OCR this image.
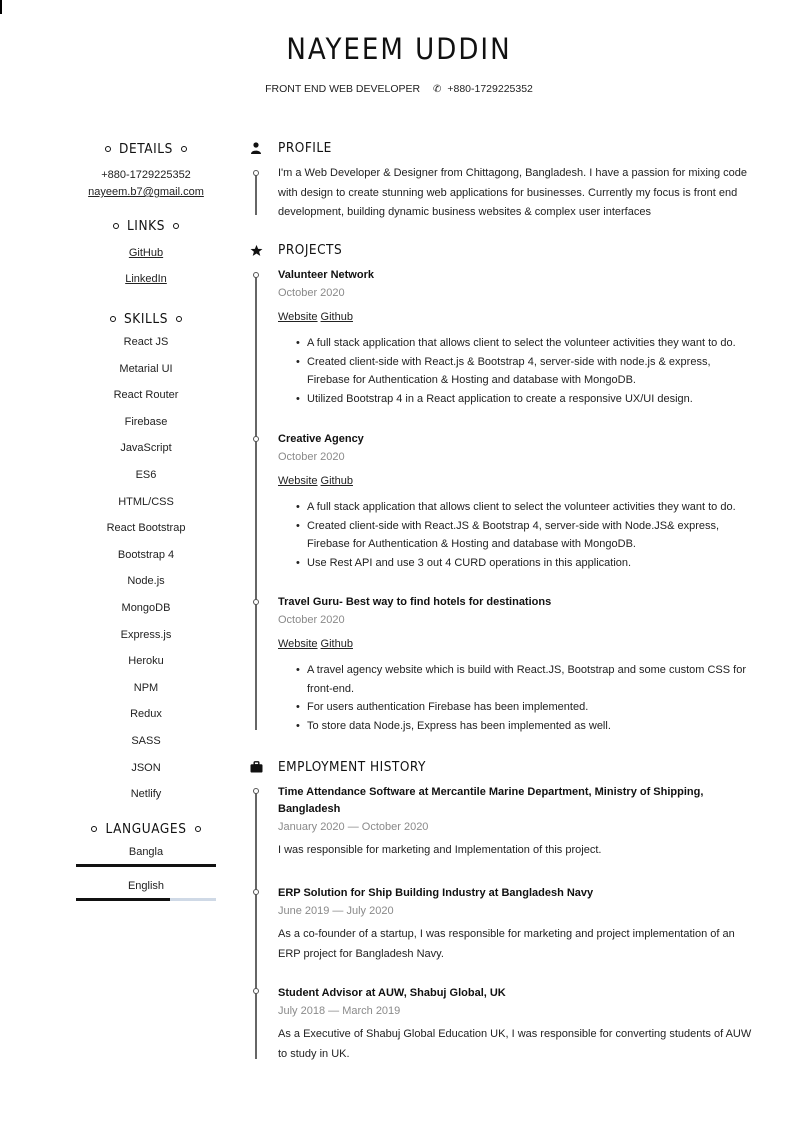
NAYEEM UDDIN
FRONT END WEB DEVELOPER ✆ +880-1729225352
DETAILS
+880-1729225352
nayeem.b7@gmail.com
LINKS
GitHub
LinkedIn
SKILLS
React JS
Metarial UI
React Router
Firebase
JavaScript
ES6
HTML/CSS
React Bootstrap
Bootstrap 4
Node.js
MongoDB
Express.js
Heroku
NPM
Redux
SASS
JSON
Netlify
LANGUAGES
Bangla
English
PROFILE
I'm a Web Developer & Designer from Chittagong, Bangladesh. I have a passion for mixing code
with design to create stunning web applications for businesses. Currently my focus is front end
development, building dynamic business websites & complex user interfaces
PROJECTS
Valunteer Network
October 2020
Website Github
• A full stack application that allows client to select the volunteer activities they want to do.
• Created client-side with React.js & Bootstrap 4, server-side with node.js & express,
Firebase for Authentication & Hosting and database with MongoDB.
• Utilized Bootstrap 4 in a React application to create a responsive UX/UI design.
Creative Agency
October 2020
Website Github
• A full stack application that allows client to select the volunteer activities they want to do.
• Created client-side with React.JS & Bootstrap 4, server-side with Node.JS& express,
Firebase for Authentication & Hosting and database with MongoDB.
• Use Rest API and use 3 out 4 CURD operations in this application.
Travel Guru- Best way to find hotels for destinations
October 2020
Website Github
• A travel agency website which is build with React.JS, Bootstrap and some custom CSS for
front-end.
• For users authentication Firebase has been implemented.
• To store data Node.js, Express has been implemented as well.
EMPLOYMENT HISTORY
Time Attendance Software at Mercantile Marine Department, Ministry of Shipping,
Bangladesh
January 2020 — October 2020
I was responsible for marketing and Implementation of this project.
ERP Solution for Ship Building Industry at Bangladesh Navy
June 2019 — July 2020
As a co-founder of a startup, I was responsible for marketing and project implementation of an
ERP project for Bangladesh Navy.
Student Advisor at AUW, Shabuj Global, UK
July 2018 — March 2019
As a Executive of Shabuj Global Education UK, I was responsible for converting students of AUW
to study in UK.
